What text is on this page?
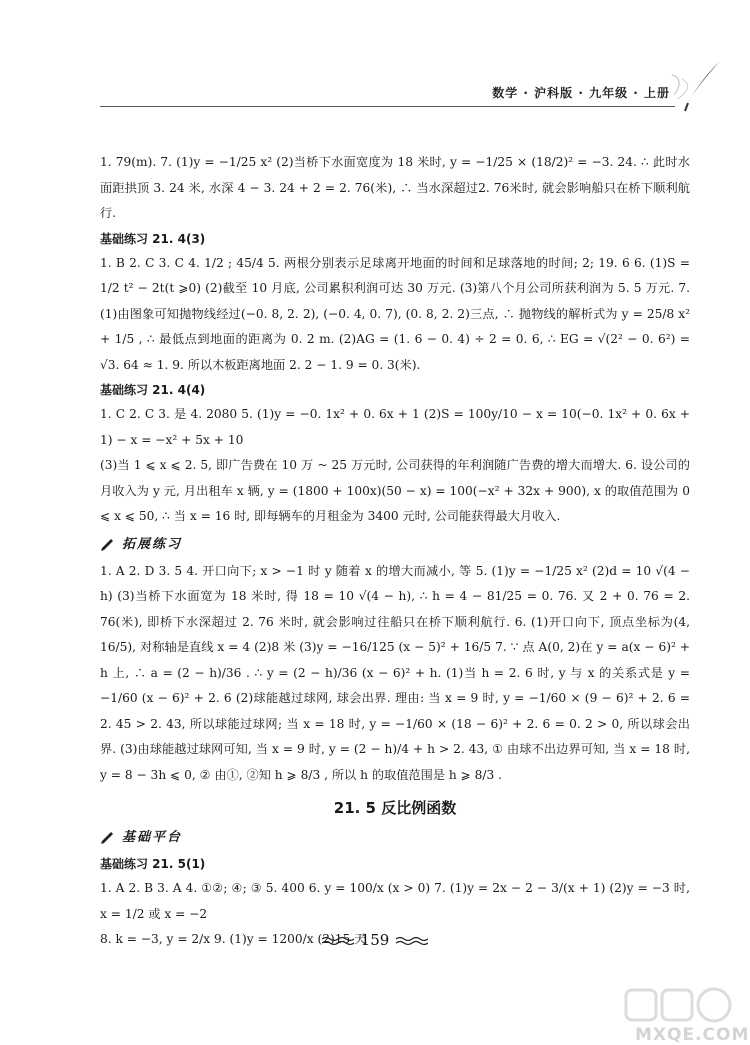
数学 · 沪科版 · 九年级 · 上册

1. 79(m). 7. (1)y = −1/25 x² (2)当桥下水面宽度为 18 米时, y = −1/25 × (18/2)² = −3. 24. ∴ 此时水面距拱顶 3. 24 米, 水深 4 − 3. 24 + 2 = 2. 76(米), ∴ 当水深超过2. 76米时, 就会影响船只在桥下顺利航行.

基础练习 21. 4(3)

1. B 2. C 3. C 4. 1/2 ; 45/4 5. 两根分别表示足球离开地面的时间和足球落地的时间; 2; 19. 6 6. (1)S = 1/2 t² − 2t(t ⩾0) (2)截至 10 月底, 公司累积利润可达 30 万元. (3)第八个月公司所获利润为 5. 5 万元. 7. (1)由图象可知抛物线经过(−0. 8, 2. 2), (−0. 4, 0. 7), (0. 8, 2. 2)三点, ∴ 抛物线的解析式为 y = 25/8 x² + 1/5 , ∴ 最低点到地面的距离为 0. 2 m. (2)AG = (1. 6 − 0. 4) ÷ 2 = 0. 6, ∴ EG = √(2² − 0. 6²) = √3. 64 ≈ 1. 9. 所以木板距离地面 2. 2 − 1. 9 = 0. 3(米).

基础练习 21. 4(4)

1. C 2. C 3. 是 4. 2080 5. (1)y = −0. 1x² + 0. 6x + 1 (2)S = 100y/10 − x = 10(−0. 1x² + 0. 6x + 1) − x = −x² + 5x + 10

(3)当 1 ⩽ x ⩽ 2. 5, 即广告费在 10 万 ~ 25 万元时, 公司获得的年利润随广告费的增大而增大. 6. 设公司的月收入为 y 元, 月出租车 x 辆, y = (1800 + 100x)(50 − x) = 100(−x² + 32x + 900), x 的取值范围为 0 ⩽ x ⩽ 50, ∴ 当 x = 16 时, 即每辆车的月租金为 3400 元时, 公司能获得最大月收入.

拓展练习

1. A 2. D 3. 5 4. 开口向下; x > −1 时 y 随着 x 的增大而减小, 等 5. (1)y = −1/25 x² (2)d = 10 √(4 − h) (3)当桥下水面宽为 18 米时, 得 18 = 10 √(4 − h), ∴ h = 4 − 81/25 = 0. 76. 又 2 + 0. 76 = 2. 76(米), 即桥下水深超过 2. 76 米时, 就会影响过往船只在桥下顺利航行. 6. (1)开口向下, 顶点坐标为(4, 16/5), 对称轴是直线 x = 4 (2)8 米 (3)y = −16/125 (x − 5)² + 16/5 7. ∵ 点 A(0, 2)在 y = a(x − 6)² + h 上, ∴ a = (2 − h)/36 . ∴ y = (2 − h)/36 (x − 6)² + h. (1)当 h = 2. 6 时, y 与 x 的关系式是 y = −1/60 (x − 6)² + 2. 6 (2)球能越过球网, 球会出界. 理由: 当 x = 9 时, y = −1/60 × (9 − 6)² + 2. 6 = 2. 45 > 2. 43, 所以球能过球网; 当 x = 18 时, y = −1/60 × (18 − 6)² + 2. 6 = 0. 2 > 0, 所以球会出界. (3)由球能越过球网可知, 当 x = 9 时, y = (2 − h)/4 + h > 2. 43, ① 由球不出边界可知, 当 x = 18 时, y = 8 − 3h ⩽ 0, ② 由①, ②知 h ⩾ 8/3 , 所以 h 的取值范围是 h ⩾ 8/3 .

21. 5 反比例函数
基础平台

基础练习 21. 5(1)

1. A 2. B 3. A 4. ①②; ④; ③ 5. 400 6. y = 100/x (x > 0) 7. (1)y = 2x − 2 − 3/(x + 1) (2)y = −3 时, x = 1/2 或 x = −2

8. k = −3, y = 2/x 9. (1)y = 1200/x (2)15 天

159
MXQE.COM
